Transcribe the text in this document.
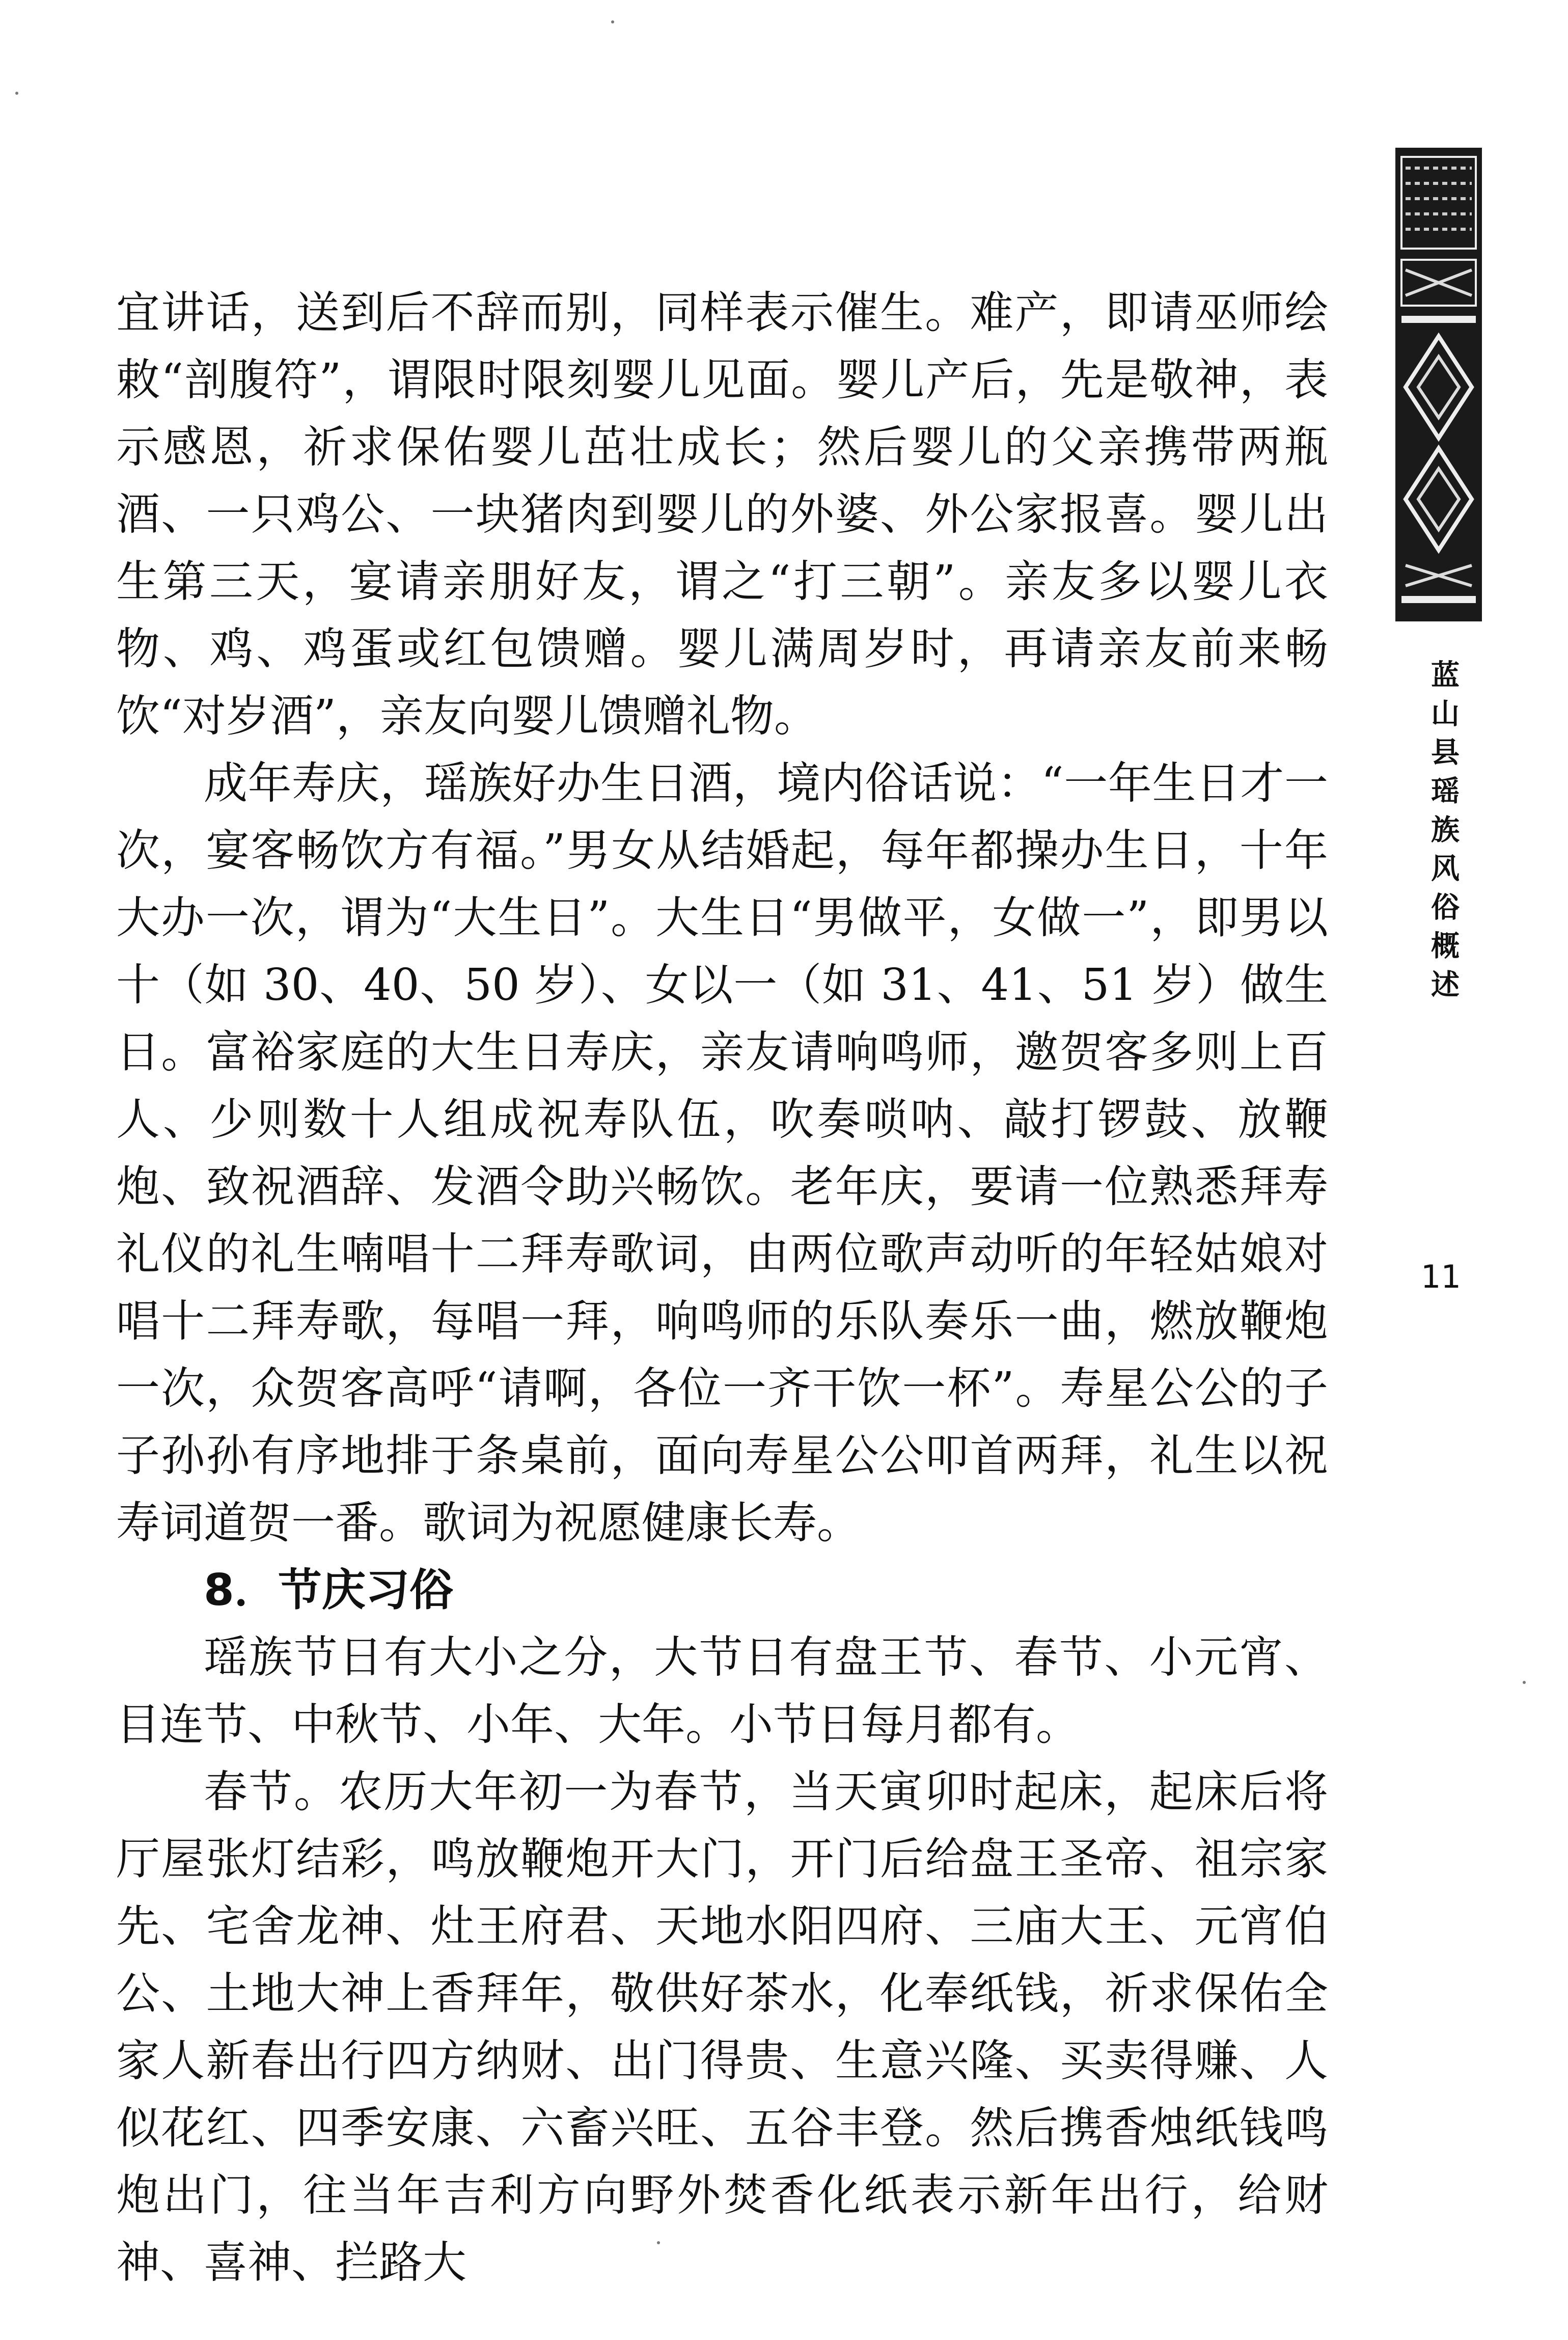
宜讲话，送到后不辞而别，同样表示催生。难产，即请巫师绘敕“剖腹符”，谓限时限刻婴儿见面。婴儿产后，先是敬神，表示感恩，祈求保佑婴儿茁壮成长；然后婴儿的父亲携带两瓶酒、一只鸡公、一块猪肉到婴儿的外婆、外公家报喜。婴儿出生第三天，宴请亲朋好友，谓之“打三朝”。亲友多以婴儿衣物、鸡、鸡蛋或红包馈赠。婴儿满周岁时，再请亲友前来畅饮“对岁酒”，亲友向婴儿馈赠礼物。

成年寿庆，瑶族好办生日酒，境内俗话说：“一年生日才一次，宴客畅饮方有福。”男女从结婚起，每年都操办生日，十年大办一次，谓为“大生日”。大生日“男做平，女做一”，即男以十（如 30、40、50 岁）、女以一（如 31、41、51 岁）做生日。富裕家庭的大生日寿庆，亲友请响鸣师，邀贺客多则上百人、少则数十人组成祝寿队伍，吹奏唢呐、敲打锣鼓、放鞭炮、致祝酒辞、发酒令助兴畅饮。老年庆，要请一位熟悉拜寿礼仪的礼生喃唱十二拜寿歌词，由两位歌声动听的年轻姑娘对唱十二拜寿歌，每唱一拜，响鸣师的乐队奏乐一曲，燃放鞭炮一次，众贺客高呼“请啊，各位一齐干饮一杯”。寿星公公的子子孙孙有序地排于条桌前，面向寿星公公叩首两拜，礼生以祝寿词道贺一番。歌词为祝愿健康长寿。

8．节庆习俗

瑶族节日有大小之分，大节日有盘王节、春节、小元宵、目连节、中秋节、小年、大年。小节日每月都有。

春节。农历大年初一为春节，当天寅卯时起床，起床后将厅屋张灯结彩，鸣放鞭炮开大门，开门后给盘王圣帝、祖宗家先、宅舍龙神、灶王府君、天地水阳四府、三庙大王、元宵伯公、土地大神上香拜年，敬供好茶水，化奉纸钱，祈求保佑全家人新春出行四方纳财、出门得贵、生意兴隆、买卖得赚、人似花红、四季安康、六畜兴旺、五谷丰登。然后携香烛纸钱鸣炮出门，往当年吉利方向野外焚香化纸表示新年出行，给财神、喜神、拦路大

蓝山县瑶族风俗概述
11
